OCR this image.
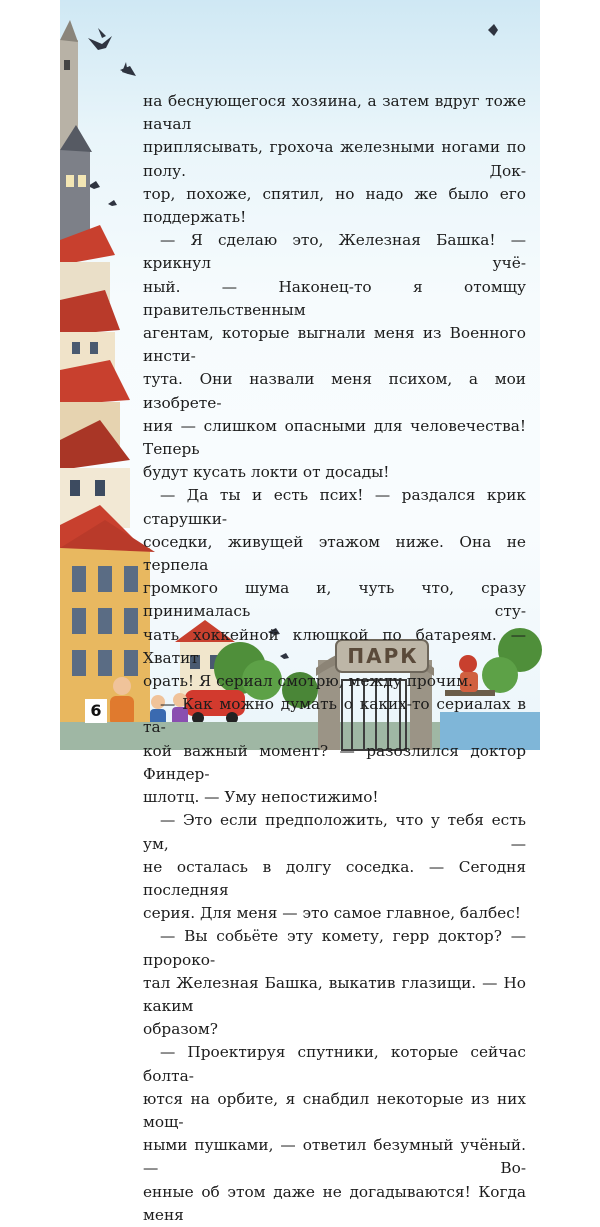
ПАРК

на беснующегося хозяина, а затем вдруг тоже начал

приплясывать, грохоча железными ногами по полу. Док-

тор, похоже, спятил, но надо же было его поддержать!

— Я сделаю это, Железная Башка! — крикнул учё-

ный. — Наконец-то я отомщу правительственным

агентам, которые выгнали меня из Военного инсти-

тута. Они назвали меня психом, а мои изобрете-

ния — слишком опасными для человечества! Теперь

будут кусать локти от досады!

— Да ты и есть псих! — раздался крик старушки-

соседки, живущей этажом ниже. Она не терпела

громкого шума и, чуть что, сразу принималась сту-

чать хоккейной клюшкой по батареям. — Хватит

орать! Я сериал смотрю, между прочим.

— Как можно думать о каких-то сериалах в та-

кой важный момент? — разозлился доктор Финдер-

шлотц. — Уму непостижимо!

— Это если предположить, что у тебя есть ум, —

не осталась в долгу соседка. — Сегодня последняя

серия. Для меня — это самое главное, балбес!

— Вы собьёте эту комету, герр доктор? — пророко-

тал Железная Башка, выкатив глазищи. — Но каким

образом?

— Проектируя спутники, которые сейчас болта-

ются на орбите, я снабдил некоторые из них мощ-

ными пушками, — ответил безумный учёный. — Во-

енные об этом даже не догадываются! Когда меня

6
